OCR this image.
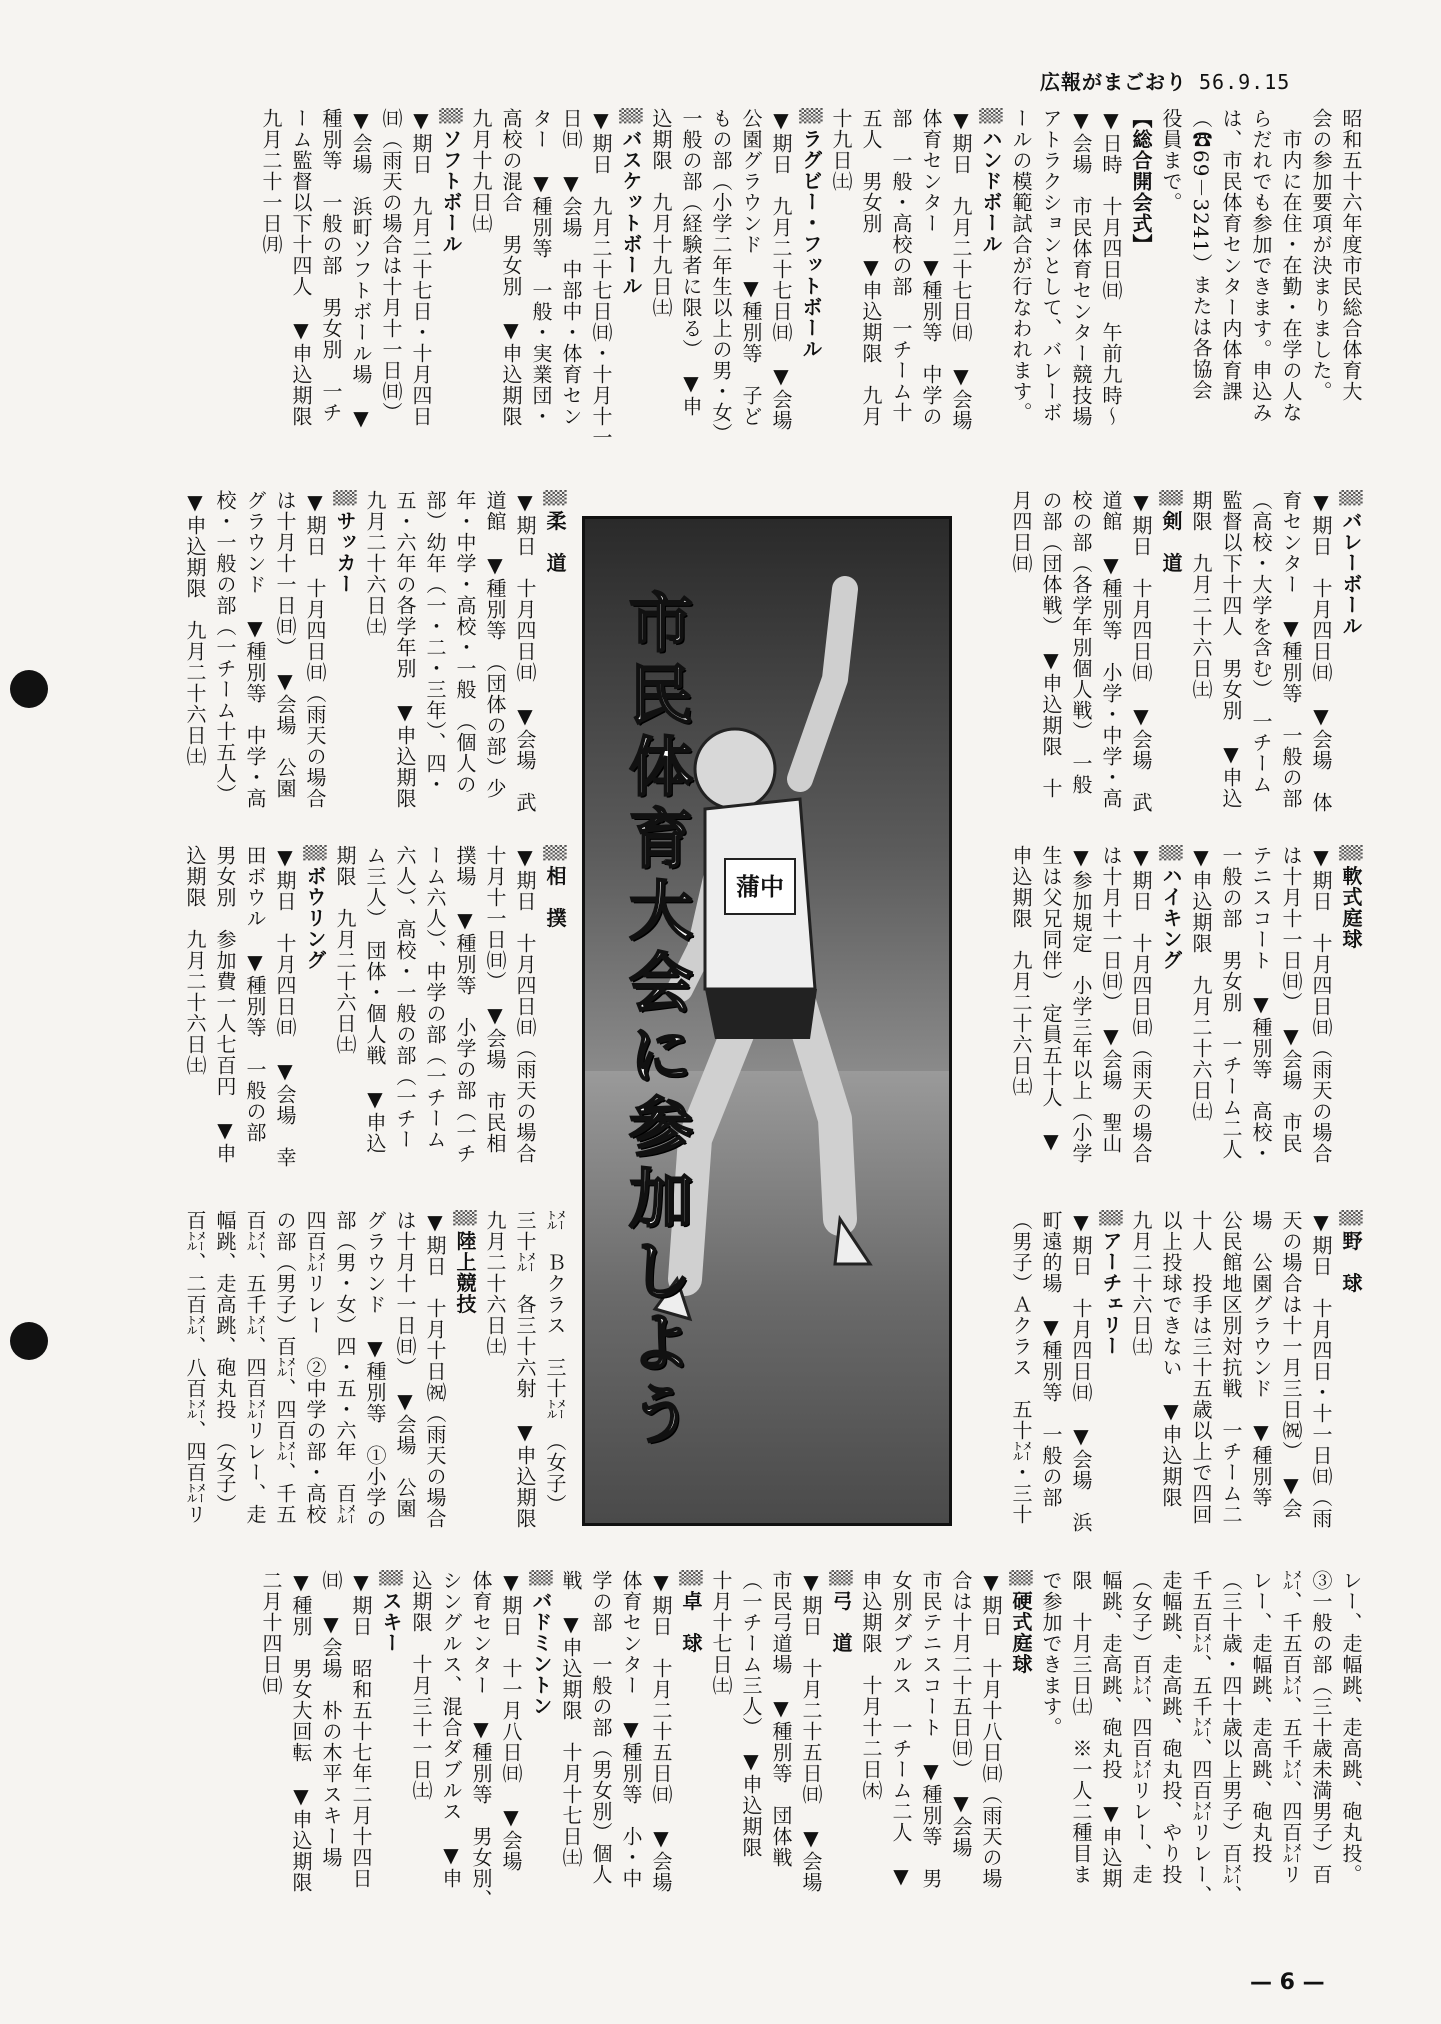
広報がまごおり 56.9.15
昭和五十六年度市民総合体育大
会の参加要項が決まりました。
　市内に在住・在勤・在学の人な
らだれでも参加できます。申込み
は、市民体育センター内体育課
（☎69－3241）または各協会
役員まで。
【総合開会式】
▼日時　十月四日㈰　午前九時～
▼会場　市民体育センター競技場
アトラクションとして、バレーボ
ールの模範試合が行なわれます。
▒ ハンドボール
▼期日　九月二十七日㈰　▼会場
体育センター　▼種別等　中学の
部　一般・高校の部　一チーム十
五人　男女別　▼申込期限　九月
十九日㈯
▒ ラグビー・フットボール
▼期日　九月二十七日㈰　▼会場
公園グラウンド　▼種別等　子ど
もの部（小学二年生以上の男・女）
一般の部（経験者に限る）　▼申
込期限　九月十九日㈯
▒ バスケットボール
▼期日　九月二十七日㈰・十月十一
日㈰　▼会場　中部中・体育セン
ター　▼種別等　一般・実業団・
高校の混合　男女別　▼申込期限
九月十九日㈯
▒ ソフトボール
▼期日　九月二十七日・十月四日
㈰（雨天の場合は十月十一日㈰）
▼会場　浜町ソフトボール場　▼
種別等　一般の部　男女別　一チ
ーム監督以下十四人　▼申込期限
九月二十一日㈪
▒ バレーボール
▼期日　十月四日㈰　▼会場　体
育センター　▼種別等　一般の部
（高校・大学を含む）　一チーム
監督以下十四人　男女別　▼申込
期限　九月二十六日㈯
▒ 剣　道
▼期日　十月四日㈰　▼会場　武
道館　▼種別等　小学・中学・高
校の部（各学年別個人戦）　一般
の部（団体戦）　▼申込期限　十
月四日㈰
▒ 柔　道
▼期日　十月四日㈰　▼会場　武
道館　▼種別等　（団体の部）少
年・中学・高校・一般　（個人の
部）幼年（一・二・三年）、四・
五・六年の各学年別　▼申込期限
九月二十六日㈯
▒ サッカー
▼期日　十月四日㈰（雨天の場合
は十月十一日㈰）　▼会場　公園
グラウンド　▼種別等　中学・高
校・一般の部（一チーム十五人）
▼申込期限　九月二十六日㈯
▒ 軟式庭球
▼期日　十月四日㈰（雨天の場合
は十月十一日㈰）　▼会場　市民
テニスコート　▼種別等　高校・
一般の部　男女別　一チーム二人
▼申込期限　九月二十六日㈯
▒ ハイキング
▼期日　十月四日㈰（雨天の場合
は十月十一日㈰）　▼会場　聖山
▼参加規定　小学三年以上（小学
生は父兄同伴）　定員五十人　▼
申込期限　九月二十六日㈯
▒ 相　撲
▼期日　十月四日㈰（雨天の場合
十月十一日㈰）　▼会場　市民相
撲場　▼種別等　小学の部（一チ
ーム六人）、中学の部（一チーム
六人）、高校・一般の部（一チー
ム三人）　団体・個人戦　▼申込
期限　九月二十六日㈯
▒ ボウリング
▼期日　十月四日㈰　▼会場　幸
田ボウル　▼種別等　一般の部
男女別　参加費一人七百円　▼申
込期限　九月二十六日㈯
▒ 野　球
▼期日　十月四日・十一日㈰（雨
天の場合は十一月三日㈷）　▼会
場　公園グラウンド　▼種別等
公民館地区別対抗戦　一チーム二
十人　投手は三十五歳以上で四回
以上投球できない　▼申込期限
九月二十六日㈯
▒ アーチェリー
▼期日　十月四日㈰　▼会場　浜
町遠的場　▼種別等　一般の部
（男子）Ａクラス　五十㍍・三十
㍍　Ｂクラス　三十㍍　（女子）
三十㍍　各三十六射　▼申込期限
九月二十六日㈯
▒ 陸上競技
▼期日　十月十日㈷（雨天の場合
は十月十一日㈰）　▼会場　公園
グラウンド　▼種別等　①小学の
部（男・女）四・五・六年　百㍍
四百㍍リレー　②中学の部・高校
の部（男子）百㍍、四百㍍、千五
百㍍、五千㍍、四百㍍リレー、走
幅跳、走高跳、砲丸投　（女子）
百㍍、二百㍍、八百㍍、四百㍍リ
レー、走幅跳、走高跳、砲丸投。
③一般の部（三十歳未満男子）百
㍍、千五百㍍、五千㍍、四百㍍リ
レー、走幅跳、走高跳、砲丸投
（三十歳・四十歳以上男子）百㍍、
千五百㍍、五千㍍、四百㍍リレー、
走幅跳、走高跳、砲丸投、やり投
（女子）百㍍、四百㍍リレー、走
幅跳、走高跳、砲丸投　▼申込期
限　十月三日㈯　※一人二種目ま
で参加できます。
▒ 硬式庭球
▼期日　十月十八日㈰（雨天の場
合は十月二十五日㈰）　▼会場
市民テニスコート　▼種別等　男
女別ダブルス　一チーム二人　▼
申込期限　十月十二日㈭
▒ 弓　道
▼期日　十月二十五日㈰　▼会場
市民弓道場　▼種別等　団体戦
（一チーム三人）　▼申込期限
十月十七日㈯
▒ 卓　球
▼期日　十月二十五日㈰　▼会場
体育センター　▼種別等　小・中
学の部　一般の部（男女別）個人
戦　▼申込期限　十月十七日㈯
▒ バドミントン
▼期日　十一月八日㈰　▼会場
体育センター　▼種別等　男女別、
シングルス、混合ダブルス　▼申
込期限　十月三十一日㈯
▒ スキー
▼期日　昭和五十七年二月十四日
㈰　▼会場　朴の木平スキー場
▼種別　男女大回転　▼申込期限
二月十四日㈰
蒲中
市民体育大会に参加しよう
— 6 —
